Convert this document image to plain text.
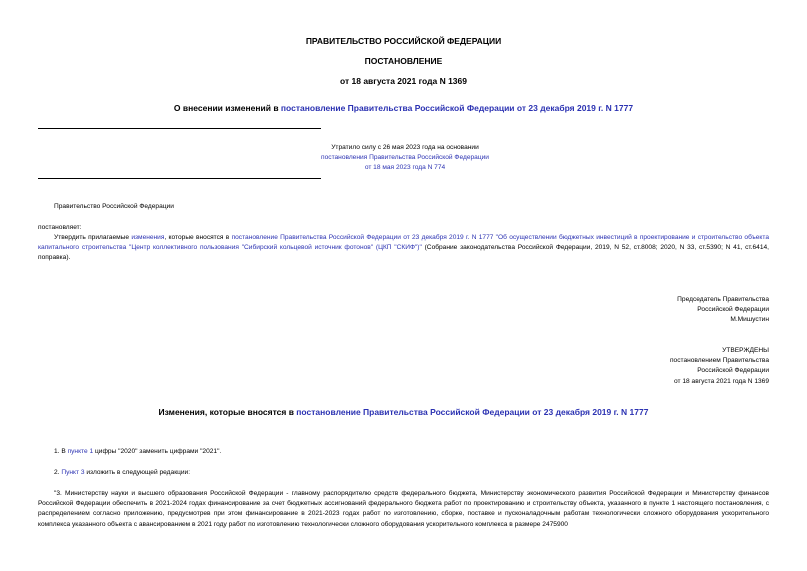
ПРАВИТЕЛЬСТВО РОССИЙСКОЙ ФЕДЕРАЦИИ
ПОСТАНОВЛЕНИЕ
от 18 августа 2021 года N 1369
О внесении изменений в постановление Правительства Российской Федерации от 23 декабря 2019 г. N 1777
Утратило силу с 26 мая 2023 года на основании
постановления Правительства Российской Федерации
от 18 мая 2023 года N 774
Правительство Российской Федерации
постановляет:
Утвердить прилагаемые изменения, которые вносятся в постановление Правительства Российской Федерации от 23 декабря 2019 г. N 1777 "Об осуществлении бюджетных инвестиций в проектирование и строительство объекта капитального строительства "Центр коллективного пользования "Сибирский кольцевой источник фотонов" (ЦКП "СКИФ")" (Собрание законодательства Российской Федерации, 2019, N 52, ст.8008; 2020, N 33, ст.5390; N 41, ст.6414, поправка).
Председатель Правительства
Российской Федерации
М.Мишустин
УТВЕРЖДЕНЫ
постановлением Правительства
Российской Федерации
от 18 августа 2021 года N 1369
Изменения, которые вносятся в постановление Правительства Российской Федерации от 23 декабря 2019 г. N 1777
1. В пункте 1 цифры "2020" заменить цифрами "2021".
2. Пункт 3 изложить в следующей редакции:
"3. Министерству науки и высшего образования Российской Федерации - главному распорядителю средств федерального бюджета, Министерству экономического развития Российской Федерации и Министерству финансов Российской Федерации обеспечить в 2021-2024 годах финансирование за счет бюджетных ассигнований федерального бюджета работ по проектированию и строительству объекта, указанного в пункте 1 настоящего постановления, с распределением согласно приложению, предусмотрев при этом финансирование в 2021-2023 годах работ по изготовлению, сборке, поставке и пусконаладочным работам технологически сложного оборудования ускорительного комплекса указанного объекта с авансированием в 2021 году работ по изготовлению технологически сложного оборудования ускорительного комплекса в размере 2475900
